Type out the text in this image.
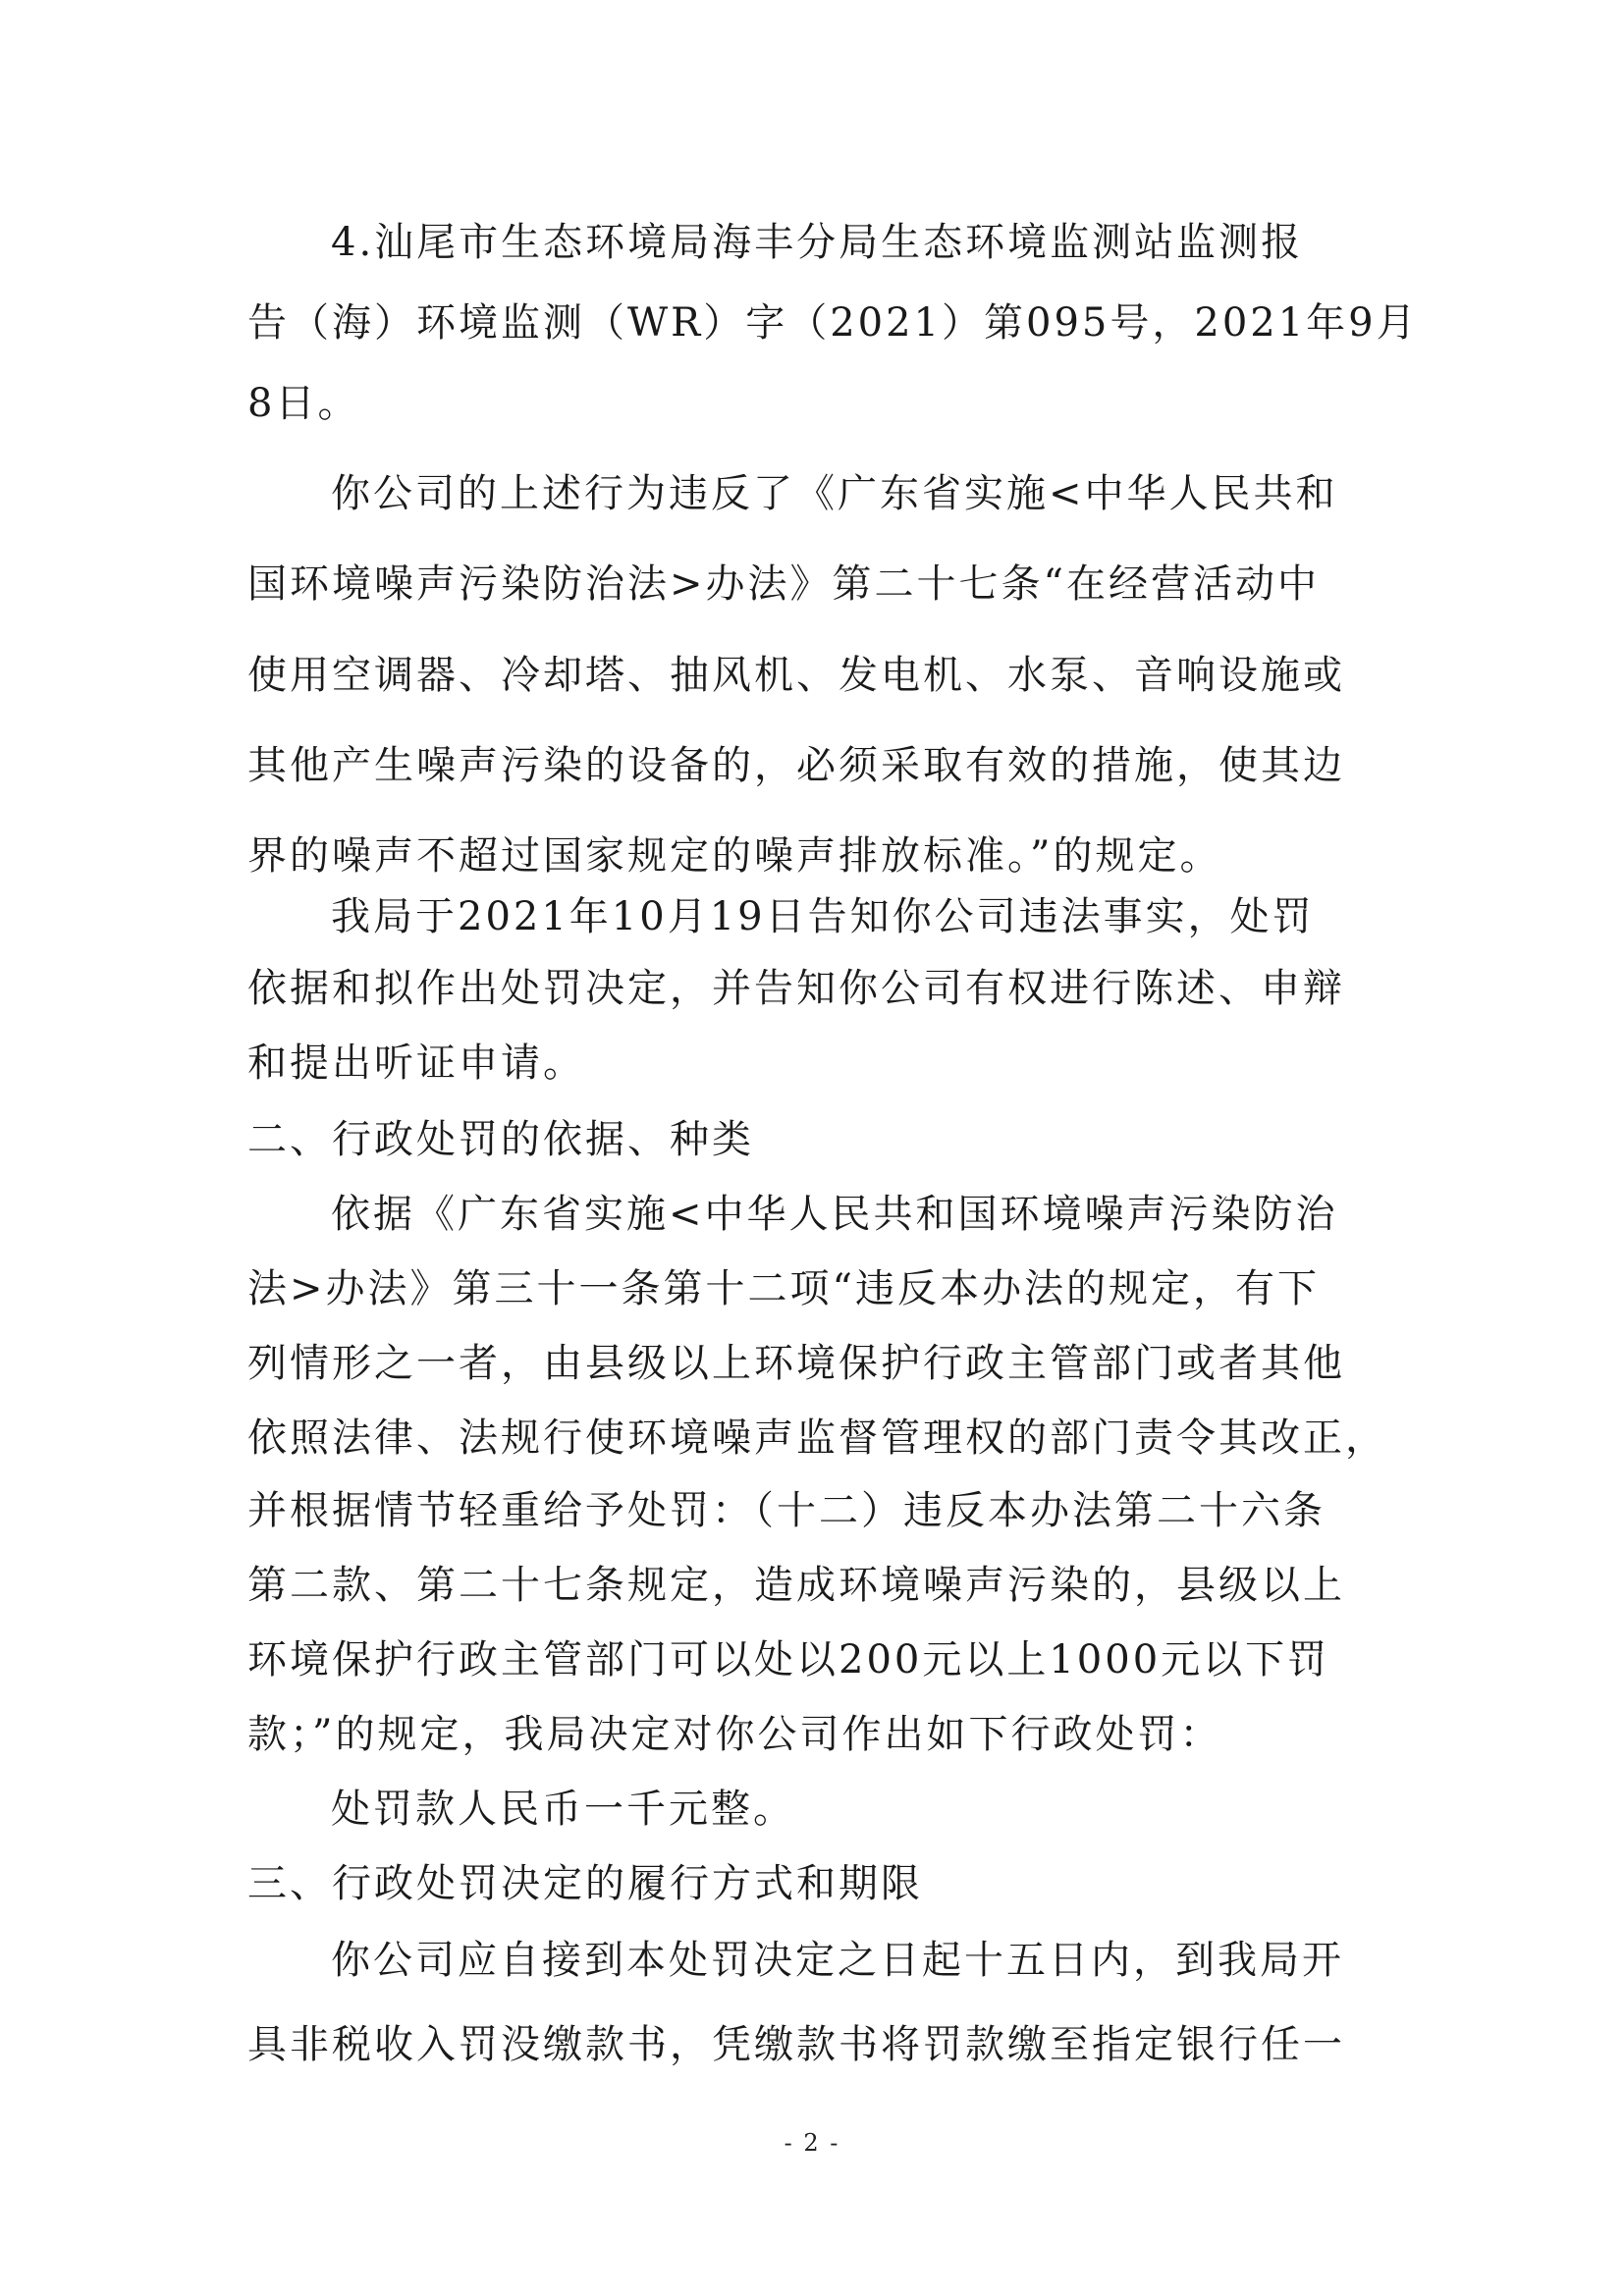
4.汕尾市生态环境局海丰分局生态环境监测站监测报
告（海）环境监测（WR）字（2021）第095号，2021年9月
8日。
你公司的上述行为违反了《广东省实施<中华人民共和
国环境噪声污染防治法>办法》第二十七条“在经营活动中
使用空调器、冷却塔、抽风机、发电机、水泵、音响设施或
其他产生噪声污染的设备的，必须采取有效的措施，使其边
界的噪声不超过国家规定的噪声排放标准。”的规定。
我局于2021年10月19日告知你公司违法事实，处罚
依据和拟作出处罚决定，并告知你公司有权进行陈述、申辩
和提出听证申请。
二、行政处罚的依据、种类
依据《广东省实施<中华人民共和国环境噪声污染防治
法>办法》第三十一条第十二项“违反本办法的规定，有下
列情形之一者，由县级以上环境保护行政主管部门或者其他
依照法律、法规行使环境噪声监督管理权的部门责令其改正，
并根据情节轻重给予处罚：（十二）违反本办法第二十六条
第二款、第二十七条规定，造成环境噪声污染的，县级以上
环境保护行政主管部门可以处以200元以上1000元以下罚
款；”的规定，我局决定对你公司作出如下行政处罚：
处罚款人民币一千元整。
三、行政处罚决定的履行方式和期限
你公司应自接到本处罚决定之日起十五日内，到我局开
具非税收入罚没缴款书，凭缴款书将罚款缴至指定银行任一
- 2 -
